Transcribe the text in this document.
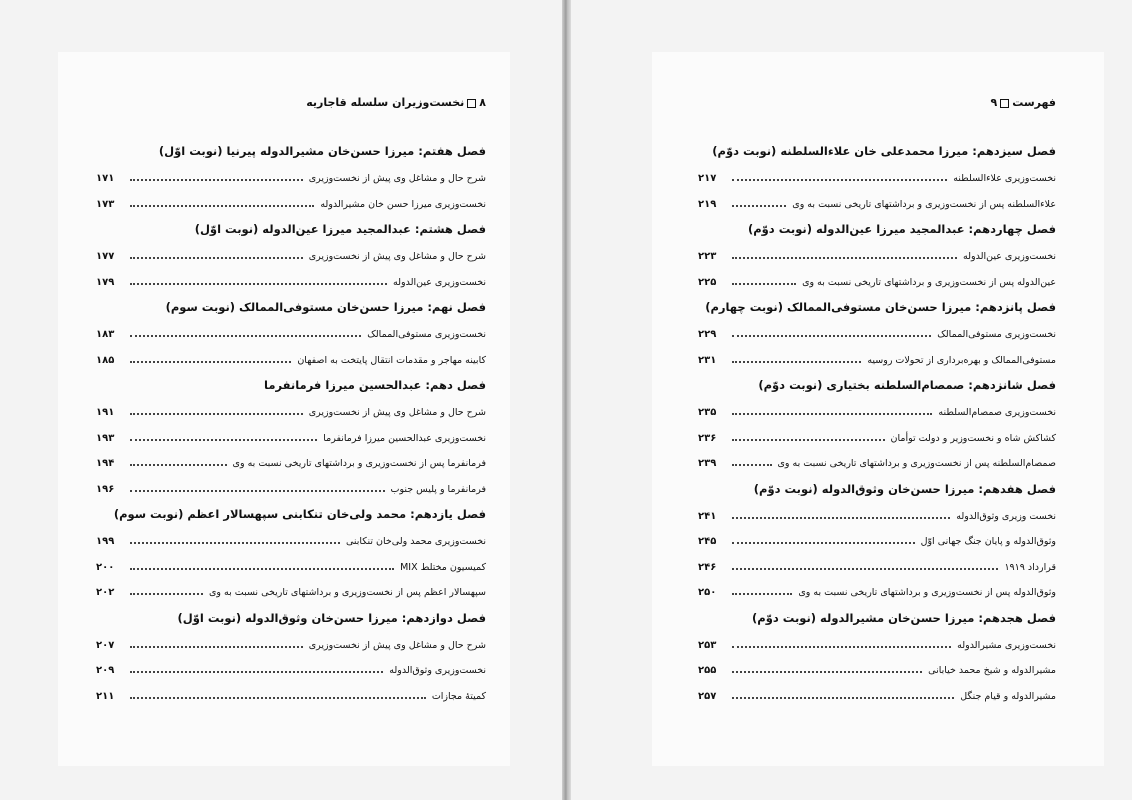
۸نخست‌وزیران سلسله قاجاریه
فصل هفتم: میرزا حسن‌خان مشیرالدوله پیرنیا (نوبت اوّل)
شرح حال و مشاغل وی پیش از نخست‌وزیری
۱۷۱
نخست‌وزیری میرزا حسن خان مشیرالدوله
۱۷۳
فصل هشتم: عبدالمجید میرزا عین‌الدوله (نوبت اوّل)
شرح حال و مشاغل وی پیش از نخست‌وزیری
۱۷۷
نخست‌وزیری عین‌الدوله
۱۷۹
فصل نهم: میرزا حسن‌خان مستوفی‌الممالک (نوبت سوم)
نخست‌وزیری مستوفی‌الممالک
۱۸۳
کابینه مهاجر و مقدمات انتقال پایتخت به اصفهان
۱۸۵
فصل دهم: عبدالحسین میرزا فرمانفرما
شرح حال و مشاغل وی پیش از نخست‌وزیری
۱۹۱
نخست‌وزیری عبدالحسین میرزا فرمانفرما
۱۹۳
فرمانفرما پس از نخست‌وزیری و برداشتهای تاریخی نسبت به وی
۱۹۴
فرمانفرما و پلیس جنوب
۱۹۶
فصل یازدهم: محمد ولی‌خان تنکابنی سپهسالار اعظم (نوبت سوم)
نخست‌وزیری محمد ولی‌خان تنکابنی
۱۹۹
کمیسیون مختلط MIX
۲۰۰
سپهسالار اعظم پس از نخست‌وزیری و برداشتهای تاریخی نسبت به وی
۲۰۲
فصل دوازدهم: میرزا حسن‌خان وثوق‌الدوله (نوبت اوّل)
شرح حال و مشاغل وی پیش از نخست‌وزیری
۲۰۷
نخست‌وزیری وثوق‌الدوله
۲۰۹
کمیتهٔ مجازات
۲۱۱
فهرست۹
فصل سیزدهم: میرزا محمدعلی خان علاءالسلطنه (نوبت دوّم)
نخست‌وزیری علاءالسلطنه
۲۱۷
علاءالسلطنه پس از نخست‌وزیری و برداشتهای تاریخی نسبت به وی
۲۱۹
فصل چهاردهم: عبدالمجید میرزا عین‌الدوله (نوبت دوّم)
نخست‌وزیری عین‌الدوله
۲۲۳
عین‌الدوله پس از نخست‌وزیری و برداشتهای تاریخی نسبت به وی
۲۲۵
فصل پانزدهم: میرزا حسن‌خان مستوفی‌الممالک (نوبت چهارم)
نخست‌وزیری مستوفی‌الممالک
۲۲۹
مستوفی‌الممالک و بهره‌برداری از تحولات روسیه
۲۳۱
فصل شانزدهم: صمصام‌السلطنه بختیاری (نوبت دوّم)
نخست‌وزیری صمصام‌السلطنه
۲۳۵
کشاکش شاه و نخست‌وزیر و دولت توأمان
۲۳۶
صمصام‌السلطنه پس از نخست‌وزیری و برداشتهای تاریخی نسبت به وی
۲۳۹
فصل هفدهم: میرزا حسن‌خان وثوق‌الدوله (نوبت دوّم)
نخست وزیری وثوق‌الدوله
۲۴۱
وثوق‌الدوله و پایان جنگ جهانی اوّل
۲۴۵
قرارداد ۱۹۱۹
۲۴۶
وثوق‌الدوله پس از نخست‌وزیری و برداشتهای تاریخی نسبت به وی
۲۵۰
فصل هجدهم: میرزا حسن‌خان مشیرالدوله (نوبت دوّم)
نخست‌وزیری مشیرالدوله
۲۵۳
مشیرالدوله و شیخ محمد خیابانی
۲۵۵
مشیرالدوله و قیام جنگل
۲۵۷
